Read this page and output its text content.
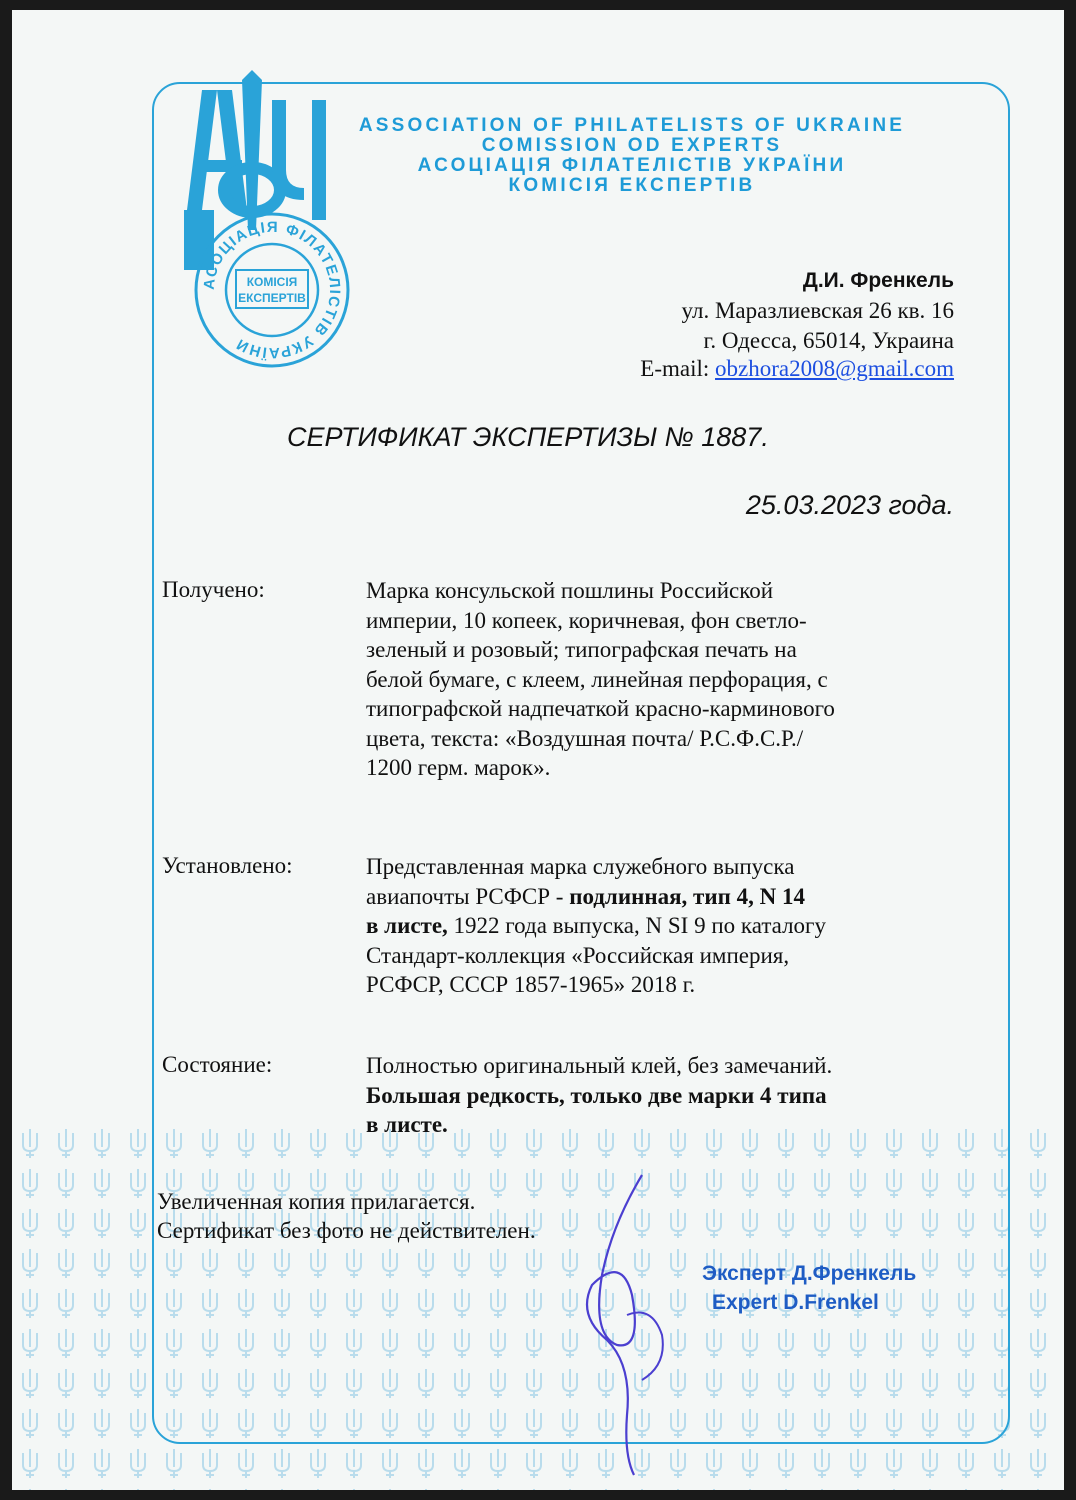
АСОЦІАЦІЯ ФІЛАТЕЛІСТІВ УКРАЇНИ
КОМІСІЯ
ЕКСПЕРТІВ
ASSOCIATION OF PHILATELISTS OF UKRAINE
COMISSION OD EXPERTS
АСОЦІАЦІЯ ФІЛАТЕЛІСТІВ УКРАЇНИ
КОМІСІЯ ЕКСПЕРТІВ
Д.И. Френкель
ул. Маразлиевская 26 кв. 16
г. Одесса, 65014, Украина
E-mail: obzhora2008@gmail.com
СЕРТИФИКАТ ЭКСПЕРТИЗЫ № 1887.
25.03.2023 года.
Получено:	Марка консульской пошлины Российской
империи, 10 копеек, коричневая, фон светло-
зеленый и розовый; типографская печать на
белой бумаге, с клеем, линейная перфорация, с
типографской надпечаткой красно-карминового
цвета, текста: «Воздушная почта/ Р.С.Ф.С.Р./
1200 герм. марок».
Установлено:	Представленная марка служебного выпуска
авиапочты РСФСР - подлинная, тип 4, N 14
в листе, 1922 года выпуска, N SI 9 по каталогу
Стандарт-коллекция «Российская империя,
РСФСР, СССР 1857-1965» 2018 г.
Состояние:	Полностью оригинальный клей, без замечаний.
Большая редкость, только две марки 4 типа
в листе.
Увеличенная копия прилагается.
Сертификат без фото не действителен.
Эксперт Д.Френкель
Expert D.Frenkel
